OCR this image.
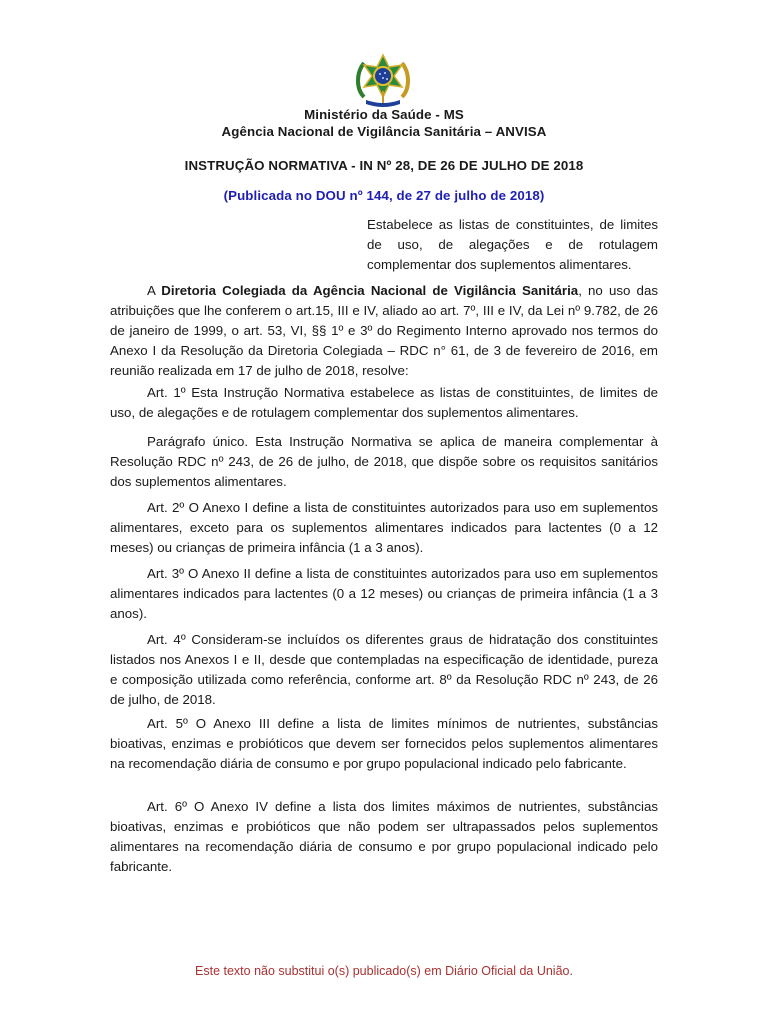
Ministério da Saúde - MS
Agência Nacional de Vigilância Sanitária – ANVISA
INSTRUÇÃO NORMATIVA - IN Nº 28, DE 26 DE JULHO DE 2018
(Publicada no DOU nº 144, de 27 de julho de 2018)
Estabelece as listas de constituintes, de limites de uso, de alegações e de rotulagem complementar dos suplementos alimentares.

A Diretoria Colegiada da Agência Nacional de Vigilância Sanitária, no uso das atribuições que lhe conferem o art.15, III e IV, aliado ao art. 7º, III e IV, da Lei nº 9.782, de 26 de janeiro de 1999, o art. 53, VI, §§ 1º e 3º do Regimento Interno aprovado nos termos do Anexo I da Resolução da Diretoria Colegiada – RDC n° 61, de 3 de fevereiro de 2016, em reunião realizada em 17 de julho de 2018, resolve:

Art. 1º Esta Instrução Normativa estabelece as listas de constituintes, de limites de uso, de alegações e de rotulagem complementar dos suplementos alimentares.

Parágrafo único. Esta Instrução Normativa se aplica de maneira complementar à Resolução RDC nº 243, de 26 de julho, de 2018, que dispõe sobre os requisitos sanitários dos suplementos alimentares.

Art. 2º O Anexo I define a lista de constituintes autorizados para uso em suplementos alimentares, exceto para os suplementos alimentares indicados para lactentes (0 a 12 meses) ou crianças de primeira infância (1 a 3 anos).

Art. 3º O Anexo II define a lista de constituintes autorizados para uso em suplementos alimentares indicados para lactentes (0 a 12 meses) ou crianças de primeira infância (1 a 3 anos).

Art. 4º Consideram-se incluídos os diferentes graus de hidratação dos constituintes listados nos Anexos I e II, desde que contempladas na especificação de identidade, pureza e composição utilizada como referência, conforme art. 8º da Resolução RDC nº 243, de 26 de julho, de 2018.

Art. 5º O Anexo III define a lista de limites mínimos de nutrientes, substâncias bioativas, enzimas e probióticos que devem ser fornecidos pelos suplementos alimentares na recomendação diária de consumo e por grupo populacional indicado pelo fabricante.

Art. 6º O Anexo IV define a lista dos limites máximos de nutrientes, substâncias bioativas, enzimas e probióticos que não podem ser ultrapassados pelos suplementos alimentares na recomendação diária de consumo e por grupo populacional indicado pelo fabricante.

Este texto não substitui o(s) publicado(s) em Diário Oficial da União.
